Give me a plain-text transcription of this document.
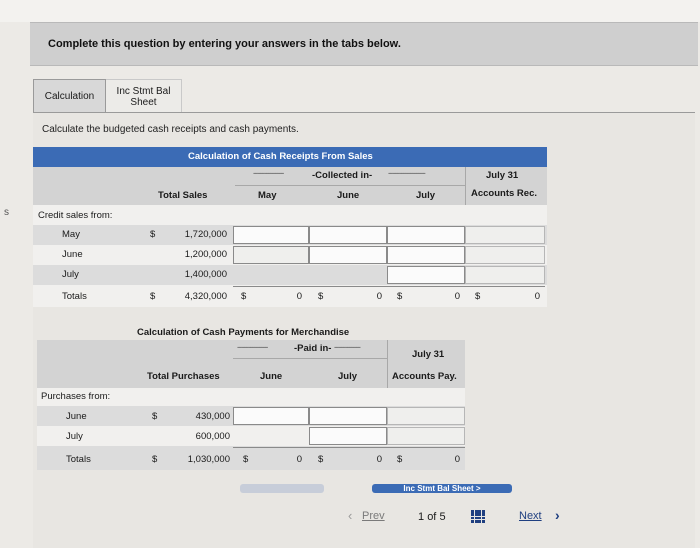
Complete this question by entering your answers in the tabs below.
Calculation Inc Stmt Bal
Sheet
Calculate the budgeted cash receipts and cash payments.
s
Calculation of Cash Receipts From Sales
--------------	-Collected in- -----------------	July 31
Total Sales	May	June	July	Accounts Rec.
Credit sales from:
May	$	1,720,000
June	1,200,000
July	1,400,000
Totals	$	4,320,000 $	0 $	0 $	0 $	0
Calculation of Cash Payments for Merchandise
--------------	-Paid in- ------------
July 31
Total Purchases	June	July	Accounts Pay.
Purchases from:
June	$	430,000
July	600,000
Totals	$	1,030,000 $	0 $	0 $	0
Inc Stmt Bal Sheet >
‹ Prev	1 of 5	Next ›
